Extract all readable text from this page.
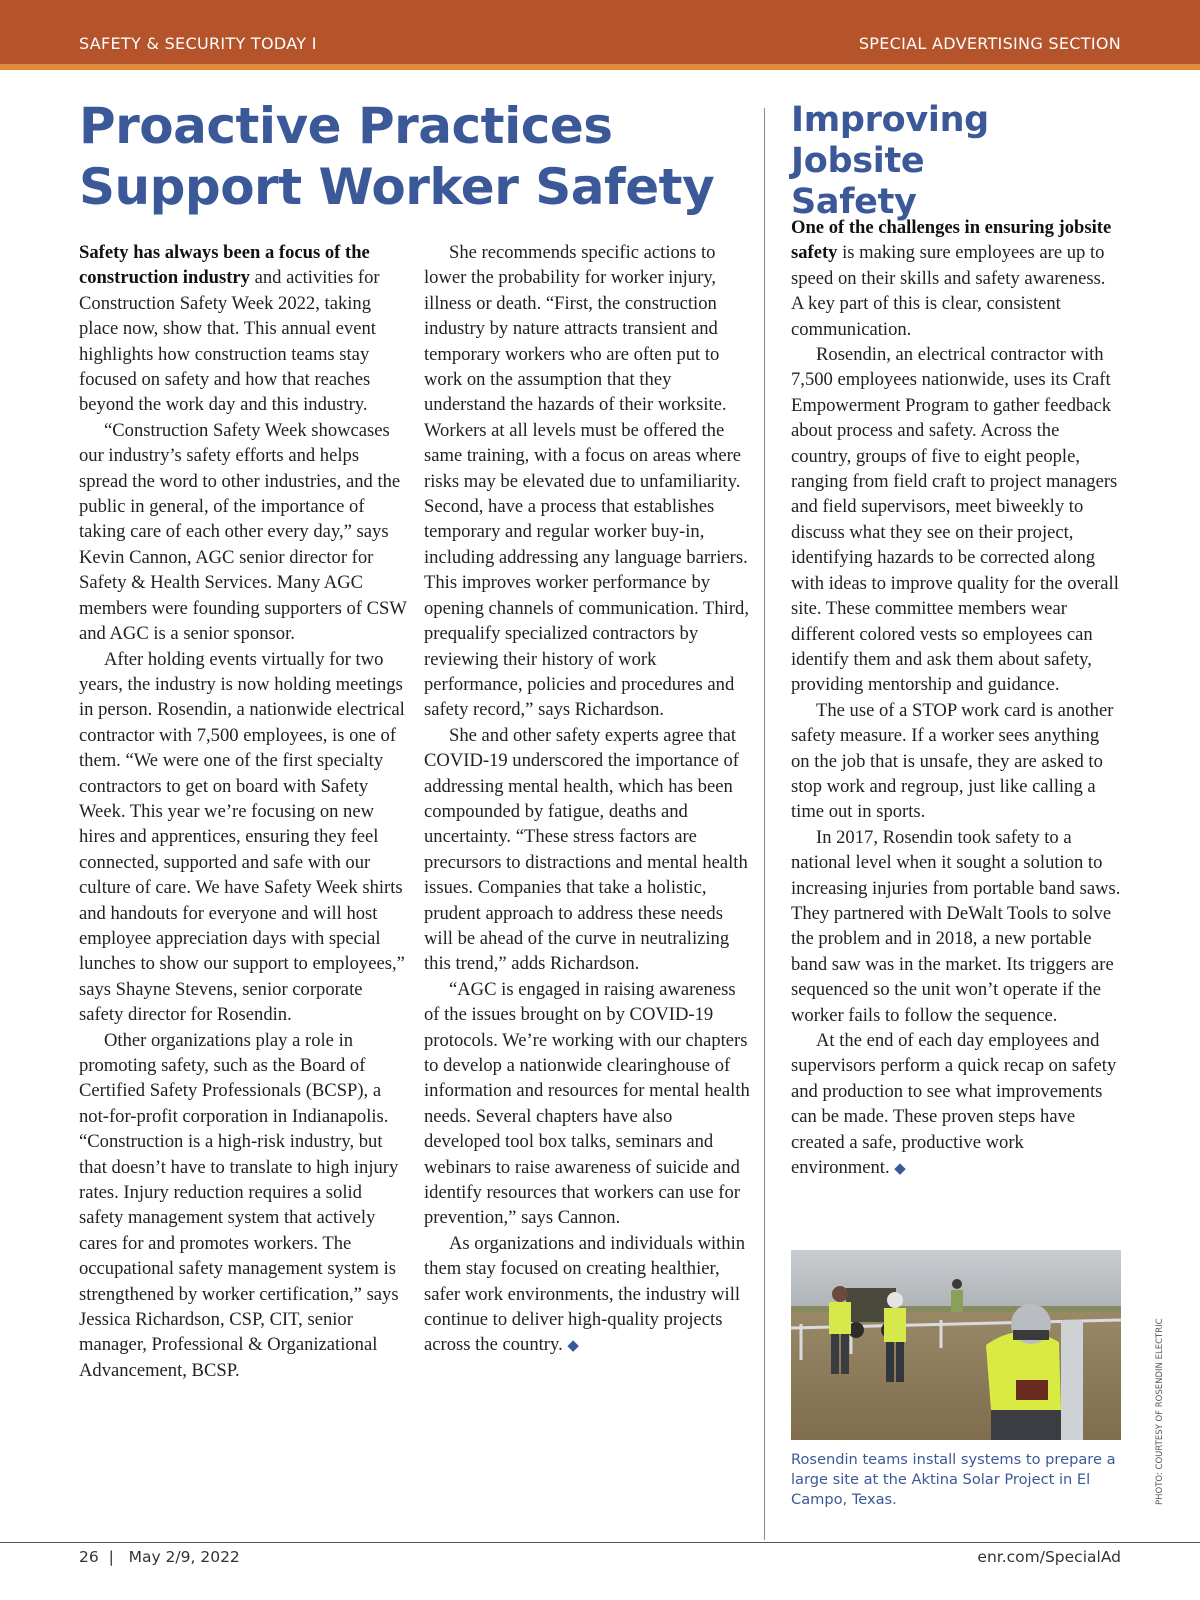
SAFETY & SECURITY TODAY I	SPECIAL ADVERTISING SECTION
Proactive Practices
Support Worker Safety
Improving Jobsite
Safety

Safety has always been a focus of the construction industry and activities for Construction Safety Week 2022, taking place now, show that. This annual event highlights how construction teams stay focused on safety and how that reaches beyond the work day and this industry.

“Construction Safety Week showcases our industry’s safety efforts and helps spread the word to other industries, and the public in general, of the importance of taking care of each other every day,” says Kevin Cannon, AGC senior director for Safety & Health Services. Many AGC members were founding supporters of CSW and AGC is a senior sponsor.

After holding events virtually for two years, the industry is now holding meetings in person. Rosendin, a nationwide electrical contractor with 7,500 employees, is one of them. “We were one of the first specialty contractors to get on board with Safety Week. This year we’re focusing on new hires and apprentices, ensuring they feel connected, supported and safe with our culture of care. We have Safety Week shirts and handouts for everyone and will host employee appreciation days with special lunches to show our support to employees,” says Shayne Stevens, senior corporate safety director for Rosendin.

Other organizations play a role in promoting safety, such as the Board of Certified Safety Professionals (BCSP), a not-for-profit corporation in Indianapolis. “Construction is a high-risk industry, but that doesn’t have to translate to high injury rates. Injury reduction requires a solid safety management system that actively cares for and promotes workers. The occupational safety management system is strengthened by worker certification,” says Jessica Richardson, CSP, CIT, senior manager, Professional & Organizational Advancement, BCSP.

She recommends specific actions to lower the probability for worker injury, illness or death. “First, the construction industry by nature attracts transient and temporary workers who are often put to work on the assumption that they understand the hazards of their worksite. Workers at all levels must be offered the same training, with a focus on areas where risks may be elevated due to unfamiliarity. Second, have a process that establishes temporary and regular worker buy-in, including addressing any language barriers. This improves worker performance by opening channels of communication. Third, prequalify specialized contractors by reviewing their history of work performance, policies and procedures and safety record,” says Richardson.

She and other safety experts agree that COVID-19 underscored the importance of addressing mental health, which has been compounded by fatigue, deaths and uncertainty. “These stress factors are precursors to distractions and mental health issues. Companies that take a holistic, prudent approach to address these needs will be ahead of the curve in neutralizing this trend,” adds Richardson.

“AGC is engaged in raising awareness of the issues brought on by COVID-19 protocols. We’re working with our chapters to develop a nationwide clearinghouse of information and resources for mental health needs. Several chapters have also developed tool box talks, seminars and webinars to raise awareness of suicide and identify resources that workers can use for prevention,” says Cannon.

As organizations and individuals within them stay focused on creating healthier, safer work environments, the industry will continue to deliver high-quality projects across the country. ◆

One of the challenges in ensuring jobsite safety is making sure employees are up to speed on their skills and safety awareness. A key part of this is clear, consistent communication.

Rosendin, an electrical contractor with 7,500 employees nationwide, uses its Craft Empowerment Program to gather feedback about process and safety. Across the country, groups of five to eight people, ranging from field craft to project managers and field supervisors, meet biweekly to discuss what they see on their project, identifying hazards to be corrected along with ideas to improve quality for the overall site. These committee members wear different colored vests so employees can identify them and ask them about safety, providing mentorship and guidance.

The use of a STOP work card is another safety measure. If a worker sees anything on the job that is unsafe, they are asked to stop work and regroup, just like calling a time out in sports.

In 2017, Rosendin took safety to a national level when it sought a solution to increasing injuries from portable band saws. They partnered with DeWalt Tools to solve the problem and in 2018, a new portable band saw was in the market. Its triggers are sequenced so the unit won’t operate if the worker fails to follow the sequence.

At the end of each day employees and supervisors perform a quick recap on safety and production to see what improvements can be made. These proven steps have created a safe, productive work environment. ◆

Rosendin teams install systems to prepare a large site at the Aktina Solar Project in El Campo, Texas.	PHOTO: COURTESY OF ROSENDIN ELECTRIC
26  |   May 2/9, 2022	enr.com/SpecialAd
